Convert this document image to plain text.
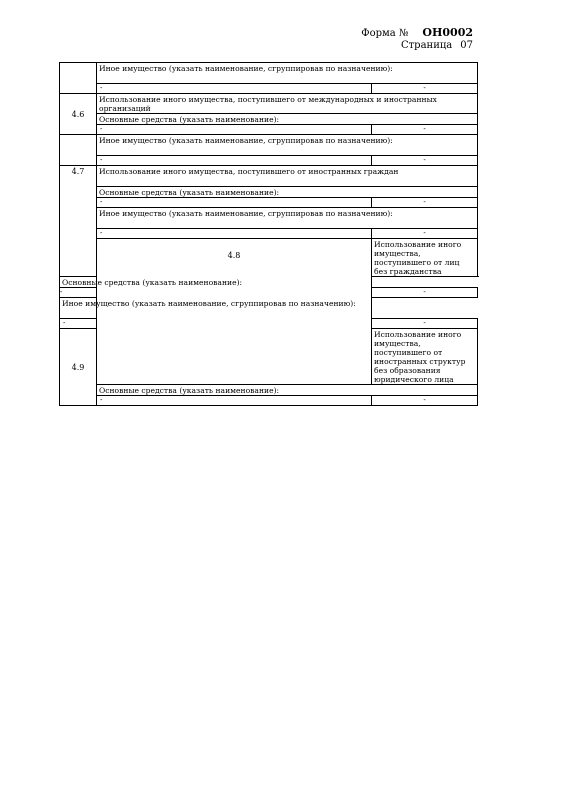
Форма № ОН0002
Страница 07
	Иное имущество (указать наименование, сгруппировав по назначению):	
	-	-
4.6	Использование иного имущества, поступившего от международных и иностранных организаций	
	Основные средства (указать наименование):	
	-	-
	Иное имущество (указать наименование, сгруппировав по назначению):	
	-	-
4.7	Использование иного имущества, поступившего от иностранных граждан	
	Основные средства (указать наименование):	
	-	-
	Иное имущество (указать наименование, сгруппировав по назначению):	
	-	-
	4.8	Использование иного имущества, поступившего от лиц без гражданства
Основные средства (указать наименование):		
-		-
Иное имущество (указать наименование, сгруппировав по назначению):		
-		-
4.9		Использование иного имущества, поступившего от иностранных структур без образования юридического лица
	Основные средства (указать наименование):	
	-	-
